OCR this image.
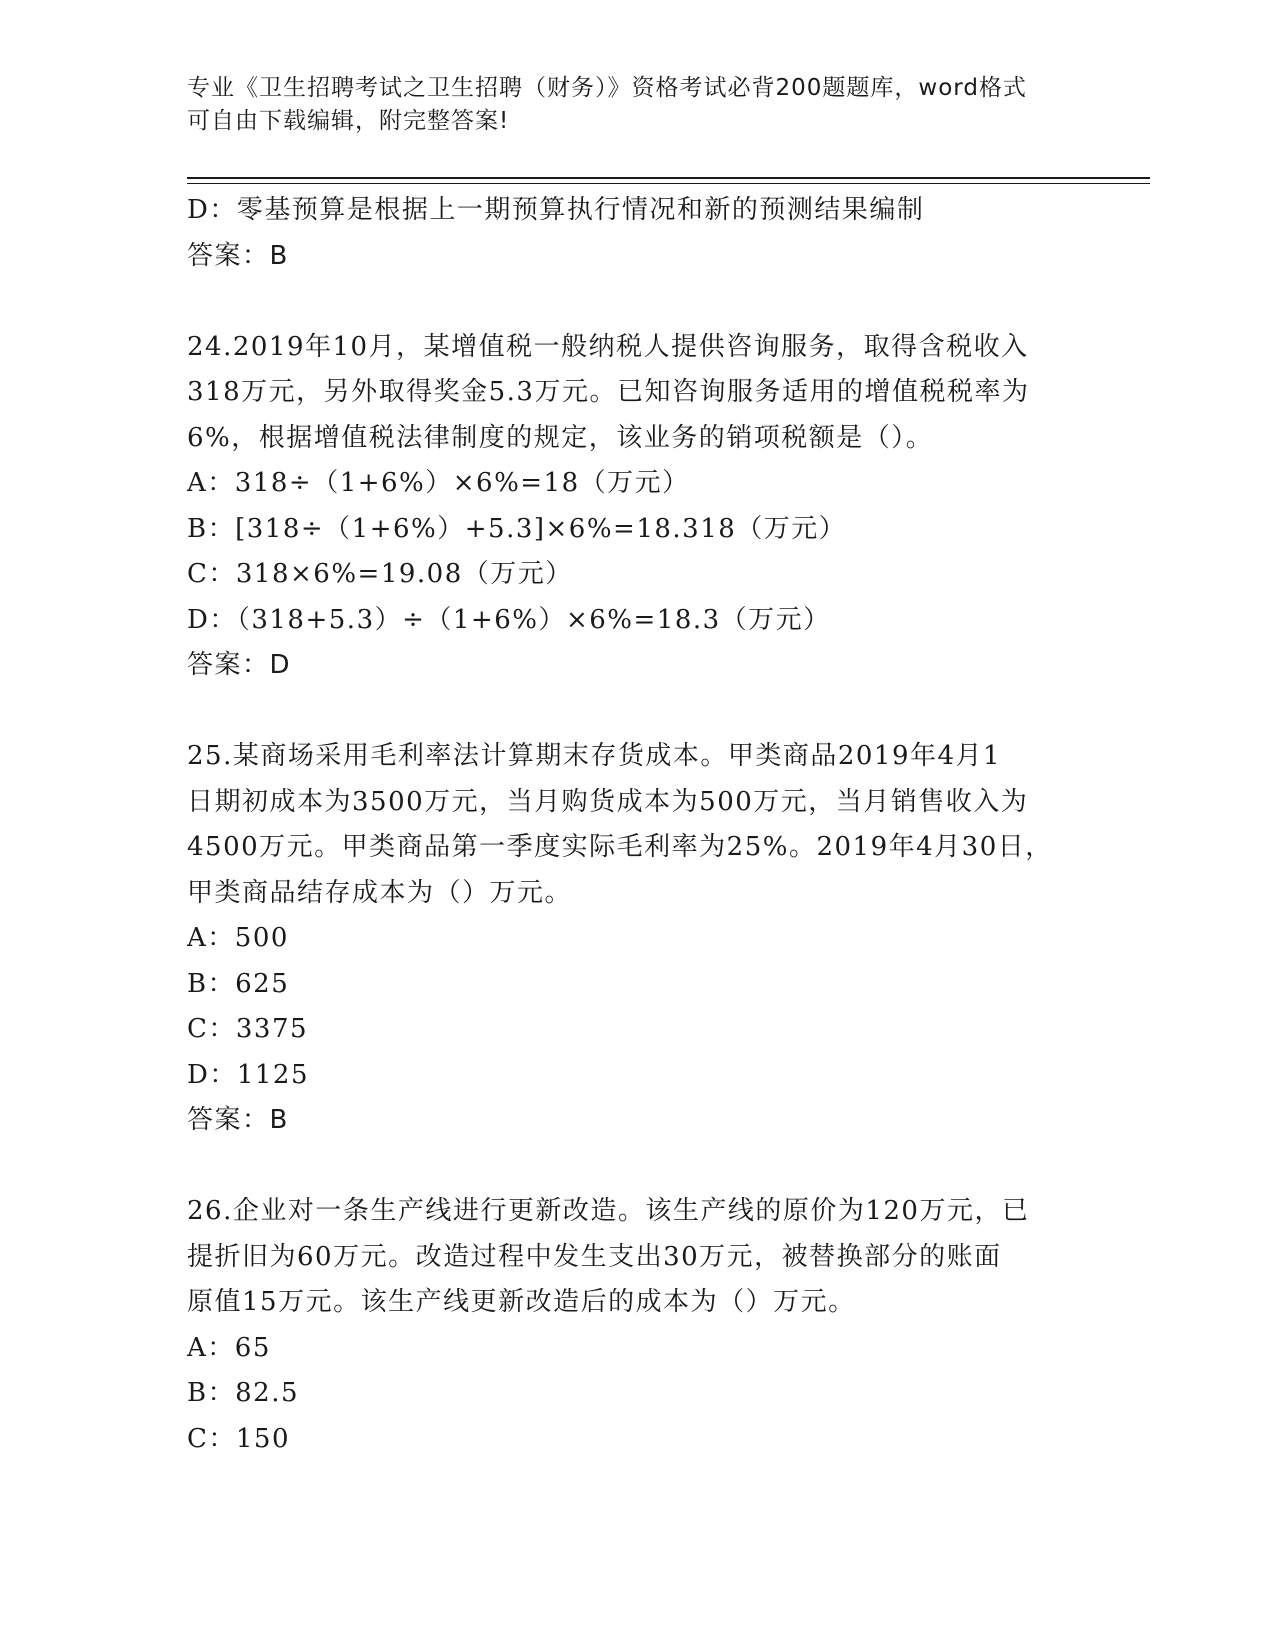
专业《卫生招聘考试之卫生招聘（财务）》资格考试必背200题题库，word格式
可自由下载编辑，附完整答案!
D：零基预算是根据上一期预算执行情况和新的预测结果编制
答案：B
24.2019年10月，某增值税一般纳税人提供咨询服务，取得含税收入
318万元，另外取得奖金5.3万元。已知咨询服务适用的增值税税率为
6%，根据增值税法律制度的规定，该业务的销项税额是（）。
A：318÷（1+6%）×6%=18（万元）
B：[318÷（1+6%）+5.3]×6%=18.318（万元）
C：318×6%=19.08（万元）
D：（318+5.3）÷（1+6%）×6%=18.3（万元）
答案：D
25.某商场采用毛利率法计算期末存货成本。甲类商品2019年4月1
日期初成本为3500万元，当月购货成本为500万元，当月销售收入为
4500万元。甲类商品第一季度实际毛利率为25%。2019年4月30日，
甲类商品结存成本为（）万元。
A：500
B：625
C：3375
D：1125
答案：B
26.企业对一条生产线进行更新改造。该生产线的原价为120万元，已
提折旧为60万元。改造过程中发生支出30万元，被替换部分的账面
原值15万元。该生产线更新改造后的成本为（）万元。
A：65
B：82.5
C：150
